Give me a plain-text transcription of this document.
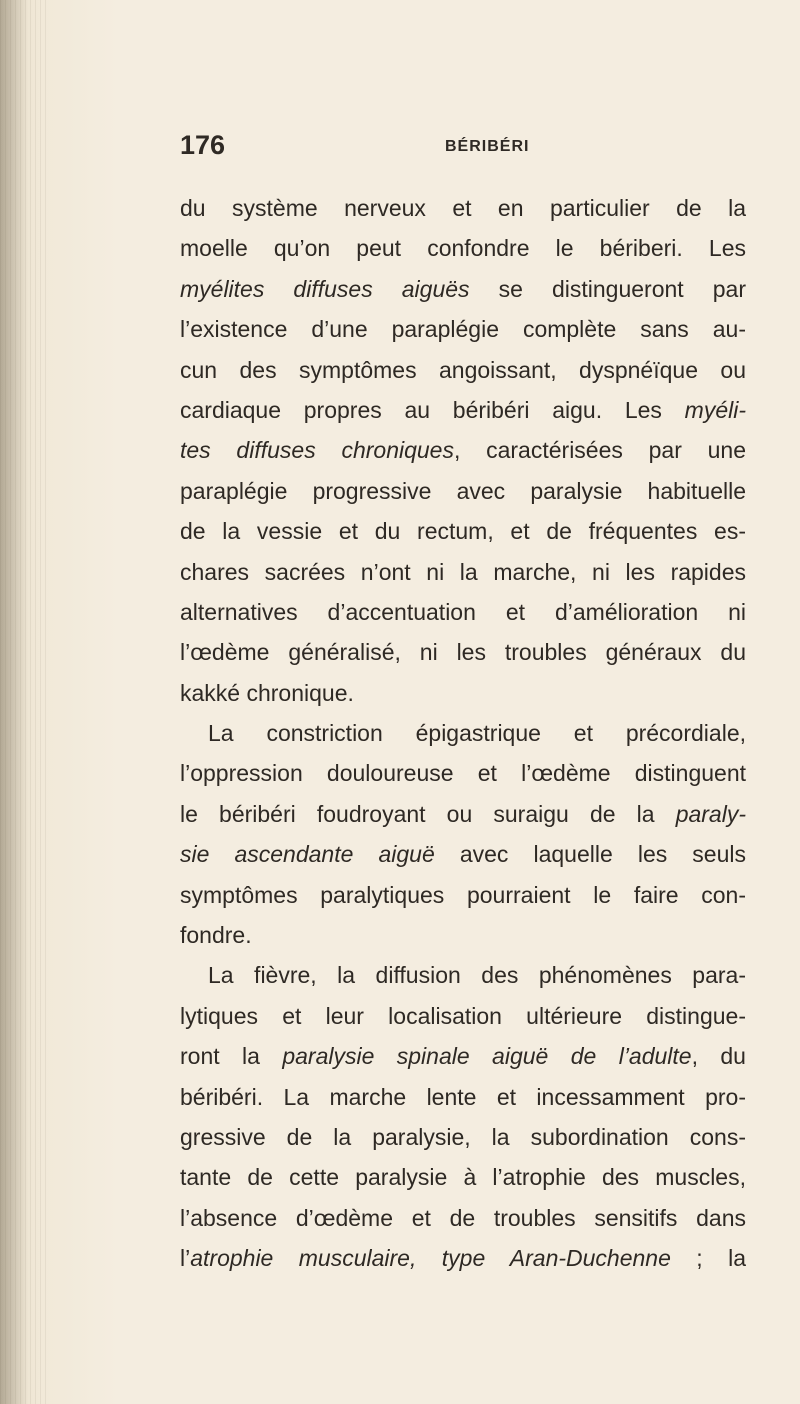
176	BÉRIBÉRI
du système nerveux et en particulier de la
moelle qu’on peut confondre le bériberi. Les
myélites diffuses aiguës se distingueront par
l’existence d’une paraplégie complète sans au-
cun des symptômes angoissant, dyspnéïque ou
cardiaque propres au béribéri aigu. Les myéli-
tes diffuses chroniques, caractérisées par une
paraplégie progressive avec paralysie habituelle
de la vessie et du rectum, et de fréquentes es-
chares sacrées n’ont ni la marche, ni les rapides
alternatives d’accentuation et d’amélioration ni
l’œdème généralisé, ni les troubles généraux du
kakké chronique.
La constriction épigastrique et précordiale,
l’oppression douloureuse et l’œdème distinguent
le béribéri foudroyant ou suraigu de la paraly-
sie ascendante aiguë avec laquelle les seuls
symptômes paralytiques pourraient le faire con-
fondre.
La fièvre, la diffusion des phénomènes para-
lytiques et leur localisation ultérieure distingue-
ront la paralysie spinale aiguë de l’adulte, du
béribéri. La marche lente et incessamment pro-
gressive de la paralysie, la subordination cons-
tante de cette paralysie à l’atrophie des muscles,
l’absence d’œdème et de troubles sensitifs dans
l’atrophie musculaire, type Aran-Duchenne ; la
